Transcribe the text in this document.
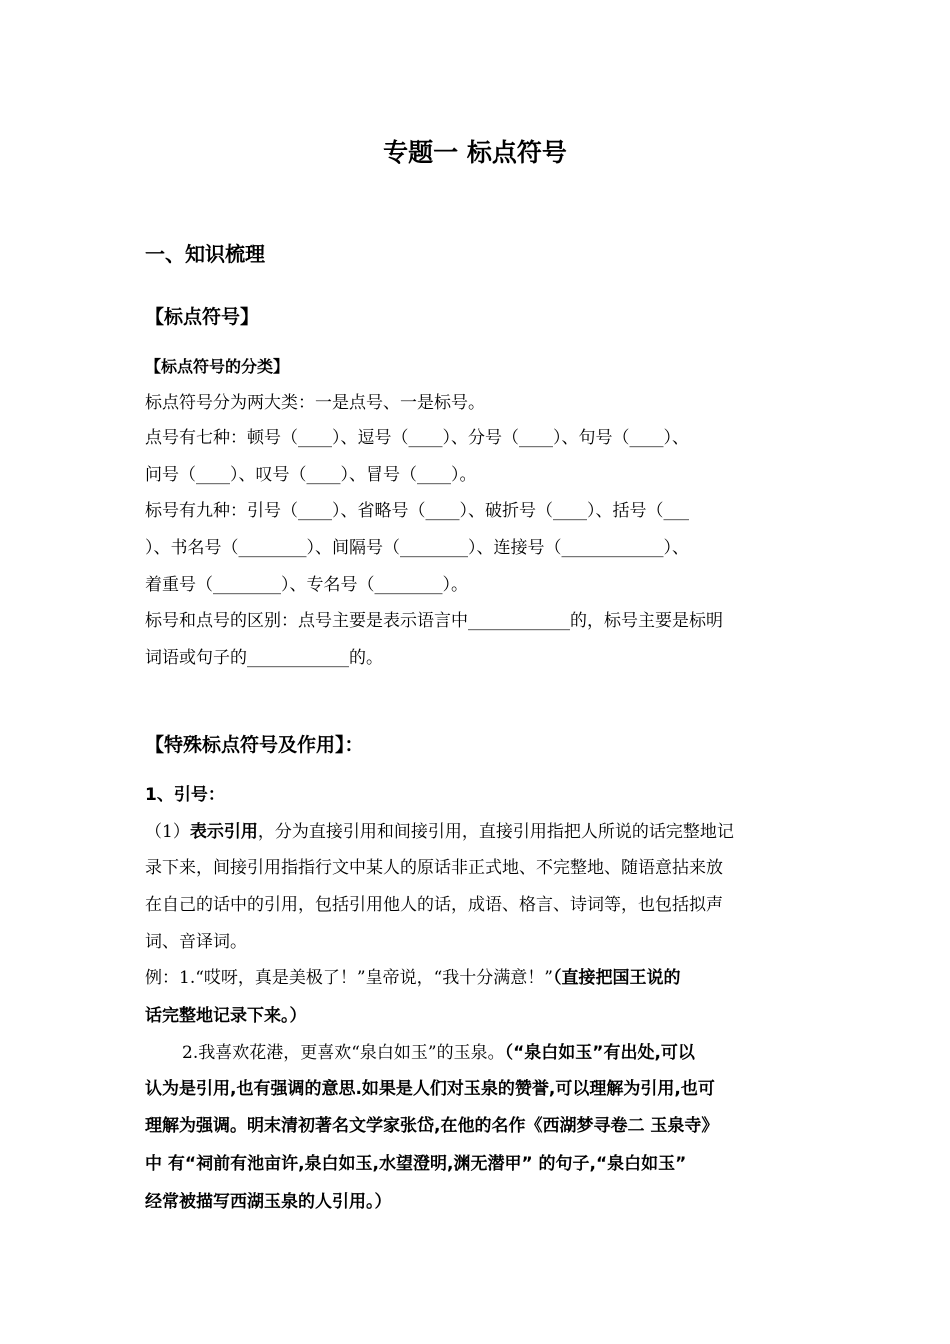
专题一 标点符号
一、知识梳理
【标点符号】
【标点符号的分类】
标点符号分为两大类：一是点号、一是标号。
点号有七种：顿号（____）、逗号（____）、分号（____）、句号（____）、
问号（____）、叹号（____）、冒号（____）。
标号有九种：引号（____）、省略号（____）、破折号（____）、括号（___
）、书名号（________）、间隔号（________）、连接号（____________）、
着重号（________）、专名号（________）。
标号和点号的区别：点号主要是表示语言中____________的，标号主要是标明
词语或句子的____________的。
【特殊标点符号及作用】：
1、引号：
（1）表示引用，分为直接引用和间接引用，直接引用指把人所说的话完整地记
录下来，间接引用指指行文中某人的原话非正式地、不完整地、随语意拈来放
在自己的话中的引用，包括引用他人的话，成语、格言、诗词等，也包括拟声
词、音译词。
例：1.“哎呀，真是美极了！”皇帝说，“我十分满意！”（直接把国王说的
话完整地记录下来。）
2.我喜欢花港，更喜欢“泉白如玉”的玉泉。（“泉白如玉”有出处,可以
认为是引用,也有强调的意思.如果是人们对玉泉的赞誉,可以理解为引用,也可
理解为强调。明末清初著名文学家张岱,在他的名作《西湖梦寻卷二 玉泉寺》
中 有“祠前有池亩许,泉白如玉,水望澄明,渊无潜甲” 的句子,“泉白如玉”
经常被描写西湖玉泉的人引用。）
